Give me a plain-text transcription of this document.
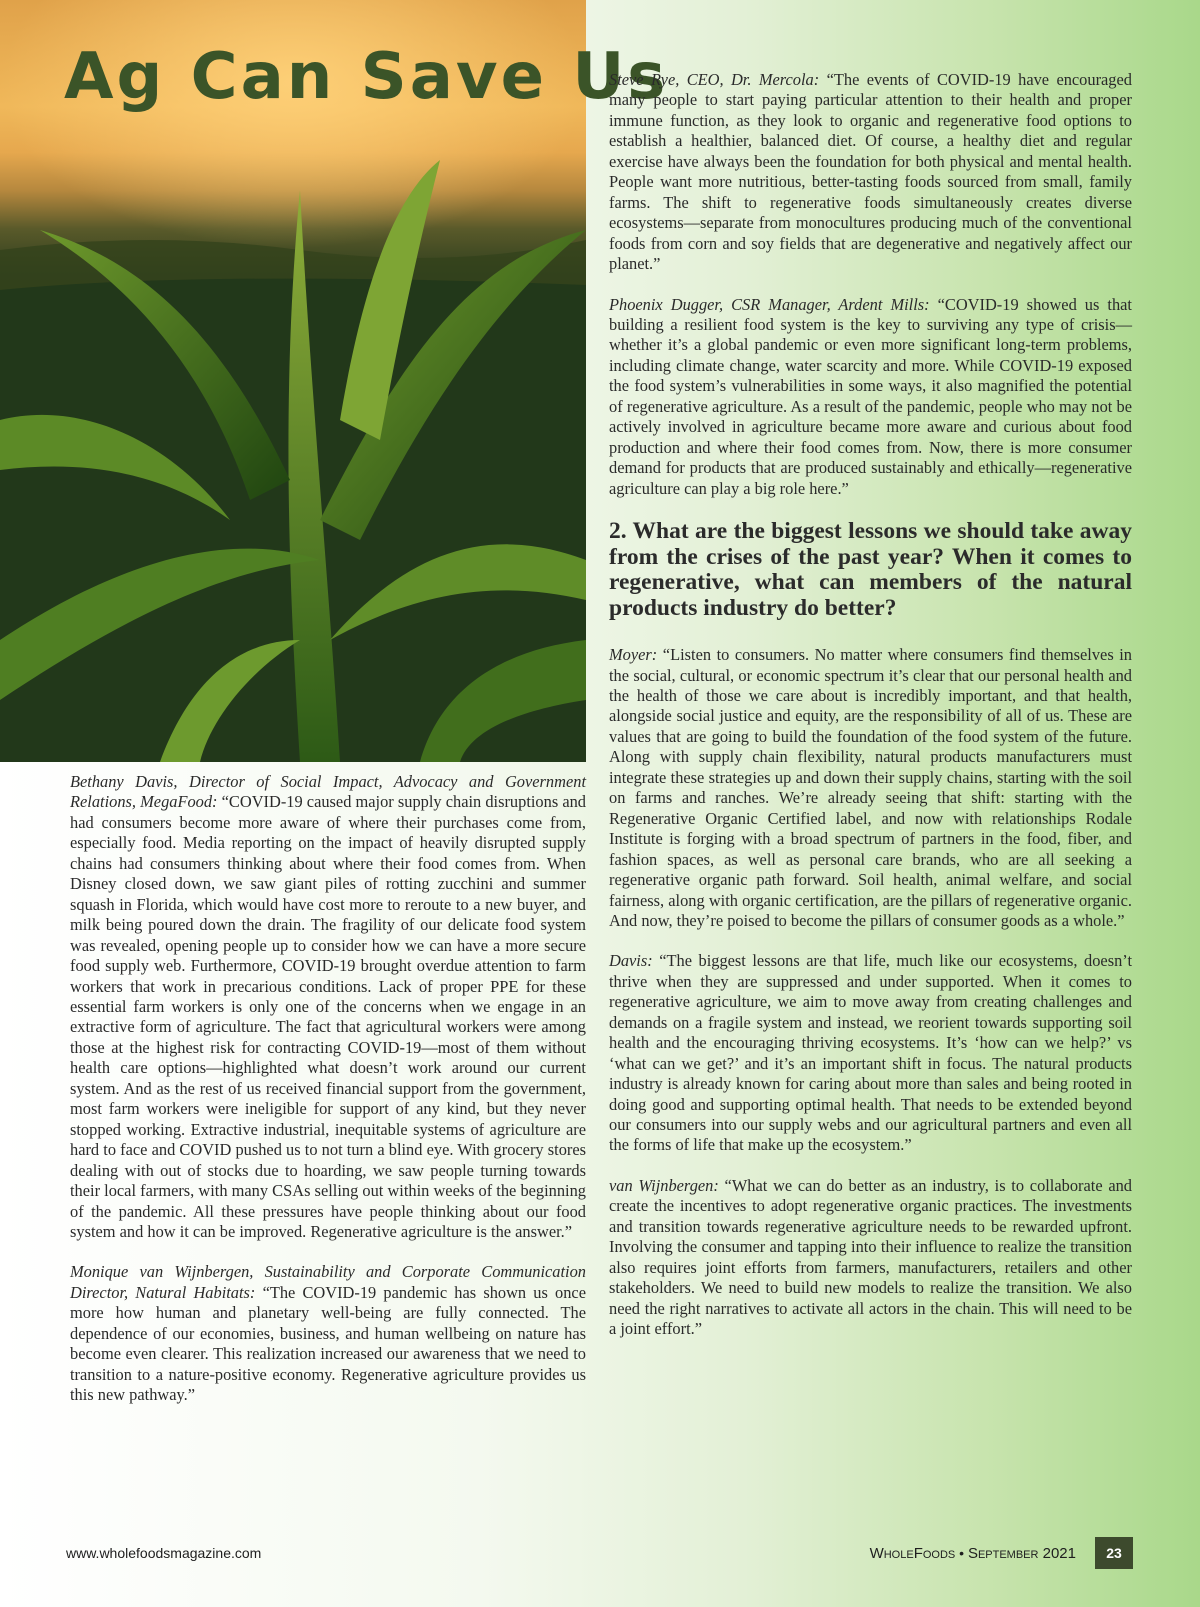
Ag Can Save Us

Bethany Davis, Director of Social Impact, Advocacy and Government Relations, MegaFood: “COVID-19 caused major supply chain disruptions and had consumers become more aware of where their purchases come from, especially food. Media reporting on the impact of heavily disrupted supply chains had consumers thinking about where their food comes from. When Disney closed down, we saw giant piles of rotting zucchini and summer squash in Florida, which would have cost more to reroute to a new buyer, and milk being poured down the drain. The fragility of our delicate food system was revealed, opening people up to consider how we can have a more secure food supply web. Furthermore, COVID-19 brought overdue attention to farm workers that work in precarious conditions. Lack of proper PPE for these essential farm workers is only one of the concerns when we engage in an extractive form of agriculture. The fact that agricultural workers were among those at the highest risk for contracting COVID-19—most of them without health care options—highlighted what doesn’t work around our current system. And as the rest of us received financial support from the government, most farm workers were ineligible for support of any kind, but they never stopped working. Extractive industrial, inequitable systems of agriculture are hard to face and COVID pushed us to not turn a blind eye. With grocery stores dealing with out of stocks due to hoarding, we saw people turning towards their local farmers, with many CSAs selling out within weeks of the beginning of the pandemic. All these pressures have people thinking about our food system and how it can be improved. Regenerative agriculture is the answer.”

Monique van Wijnbergen, Sustainability and Corporate Communication Director, Natural Habitats: “The COVID-19 pandemic has shown us once more how human and planetary well-being are fully connected. The dependence of our economies, business, and human wellbeing on nature has become even clearer. This realization increased our awareness that we need to transition to a nature-positive economy. Regenerative agriculture provides us this new pathway.”

Steve Rye, CEO, Dr. Mercola: “The events of COVID-19 have encouraged many people to start paying particular attention to their health and proper immune function, as they look to organic and regenerative food options to establish a healthier, balanced diet. Of course, a healthy diet and regular exercise have always been the foundation for both physical and mental health. People want more nutritious, better-tasting foods sourced from small, family farms. The shift to regenerative foods simultaneously creates diverse ecosystems—separate from monocultures producing much of the conventional foods from corn and soy fields that are degenerative and negatively affect our planet.”

Phoenix Dugger, CSR Manager, Ardent Mills: “COVID-19 showed us that building a resilient food system is the key to surviving any type of crisis—whether it’s a global pandemic or even more significant long-term problems, including climate change, water scarcity and more. While COVID-19 exposed the food system’s vulnerabilities in some ways, it also magnified the potential of regenerative agriculture. As a result of the pandemic, people who may not be actively involved in agriculture became more aware and curious about food production and where their food comes from. Now, there is more consumer demand for products that are produced sustainably and ethically—regenerative agriculture can play a big role here.”

2. What are the biggest lessons we should take away from the crises of the past year? When it comes to regenerative, what can members of the natural products industry do better?

Moyer: “Listen to consumers. No matter where consumers find themselves in the social, cultural, or economic spectrum it’s clear that our personal health and the health of those we care about is incredibly important, and that health, alongside social justice and equity, are the responsibility of all of us. These are values that are going to build the foundation of the food system of the future. Along with supply chain flexibility, natural products manufacturers must integrate these strategies up and down their supply chains, starting with the soil on farms and ranches. We’re already seeing that shift: starting with the Regenerative Organic Certified label, and now with relationships Rodale Institute is forging with a broad spectrum of partners in the food, fiber, and fashion spaces, as well as personal care brands, who are all seeking a regenerative organic path forward. Soil health, animal welfare, and social fairness, along with organic certification, are the pillars of regenerative organic. And now, they’re poised to become the pillars of consumer goods as a whole.”

Davis: “The biggest lessons are that life, much like our ecosystems, doesn’t thrive when they are suppressed and under supported. When it comes to regenerative agriculture, we aim to move away from creating challenges and demands on a fragile system and instead, we reorient towards supporting soil health and the encouraging thriving ecosystems. It’s ‘how can we help?’ vs ‘what can we get?’ and it’s an important shift in focus. The natural products industry is already known for caring about more than sales and being rooted in doing good and supporting optimal health. That needs to be extended beyond our consumers into our supply webs and our agricultural partners and even all the forms of life that make up the ecosystem.”

van Wijnbergen: “What we can do better as an industry, is to collaborate and create the incentives to adopt regenerative organic practices. The investments and transition towards regenerative agriculture needs to be rewarded upfront. Involving the consumer and tapping into their influence to realize the transition also requires joint efforts from farmers, manufacturers, retailers and other stakeholders. We need to build new models to realize the transition. We also need the right narratives to activate all actors in the chain. This will need to be a joint effort.”

www.wholefoodsmagazine.com	WholeFoods • September 2021	23
